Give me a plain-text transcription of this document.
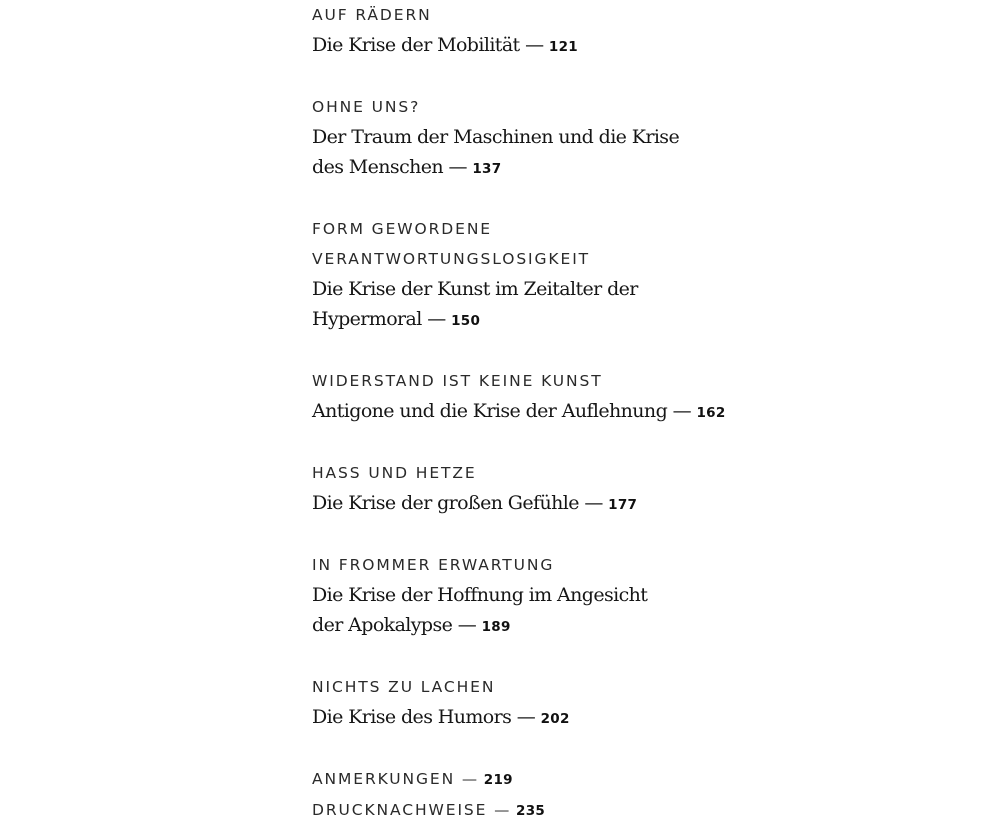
AUF RÄDERN
Die Krise der Mobilität — 121
OHNE UNS?
Der Traum der Maschinen und die Krise
des Menschen — 137
FORM GEWORDENE
VERANTWORTUNGSLOSIGKEIT
Die Krise der Kunst im Zeitalter der
Hypermoral — 150
WIDERSTAND IST KEINE KUNST
Antigone und die Krise der Auflehnung — 162
HASS UND HETZE
Die Krise der großen Gefühle — 177
IN FROMMER ERWARTUNG
Die Krise der Hoffnung im Angesicht
der Apokalypse — 189
NICHTS ZU LACHEN
Die Krise des Humors — 202
ANMERKUNGEN — 219
DRUCKNACHWEISE — 235
